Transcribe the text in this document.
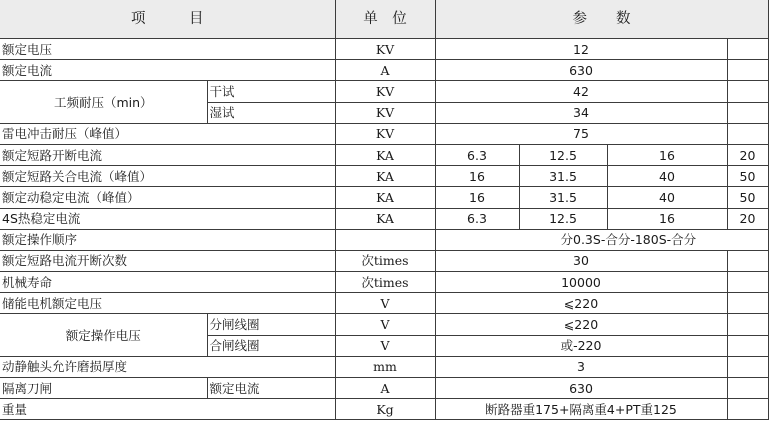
项　　　目		单　位	参　　数			
额定电压		KV	12			
额定电流		A	630			
工频耐压（min）	干试	KV	42			
	湿试	KV	34			
雷电冲击耐压（峰值）		KV	75			
额定短路开断电流		KA	6.3	12.5	16	20
额定短路关合电流（峰值）		KA	16	31.5	40	50
额定动稳定电流（峰值）		KA	16	31.5	40	50
4S热稳定电流		KA	6.3	12.5	16	20
额定操作顺序			分0.3S-合分-180S-合分			
额定短路电流开断次数		次times	30			
机械寿命		次times	10000			
储能电机额定电压		V	⩽220			
额定操作电压	分闸线圈	V	⩽220			
	合闸线圈	V	或-220			
动静触头允许磨损厚度		mm	3			
隔离刀闸	额定电流	A	630			
重量		Kg	断路器重175+隔离重4+PT重125			
